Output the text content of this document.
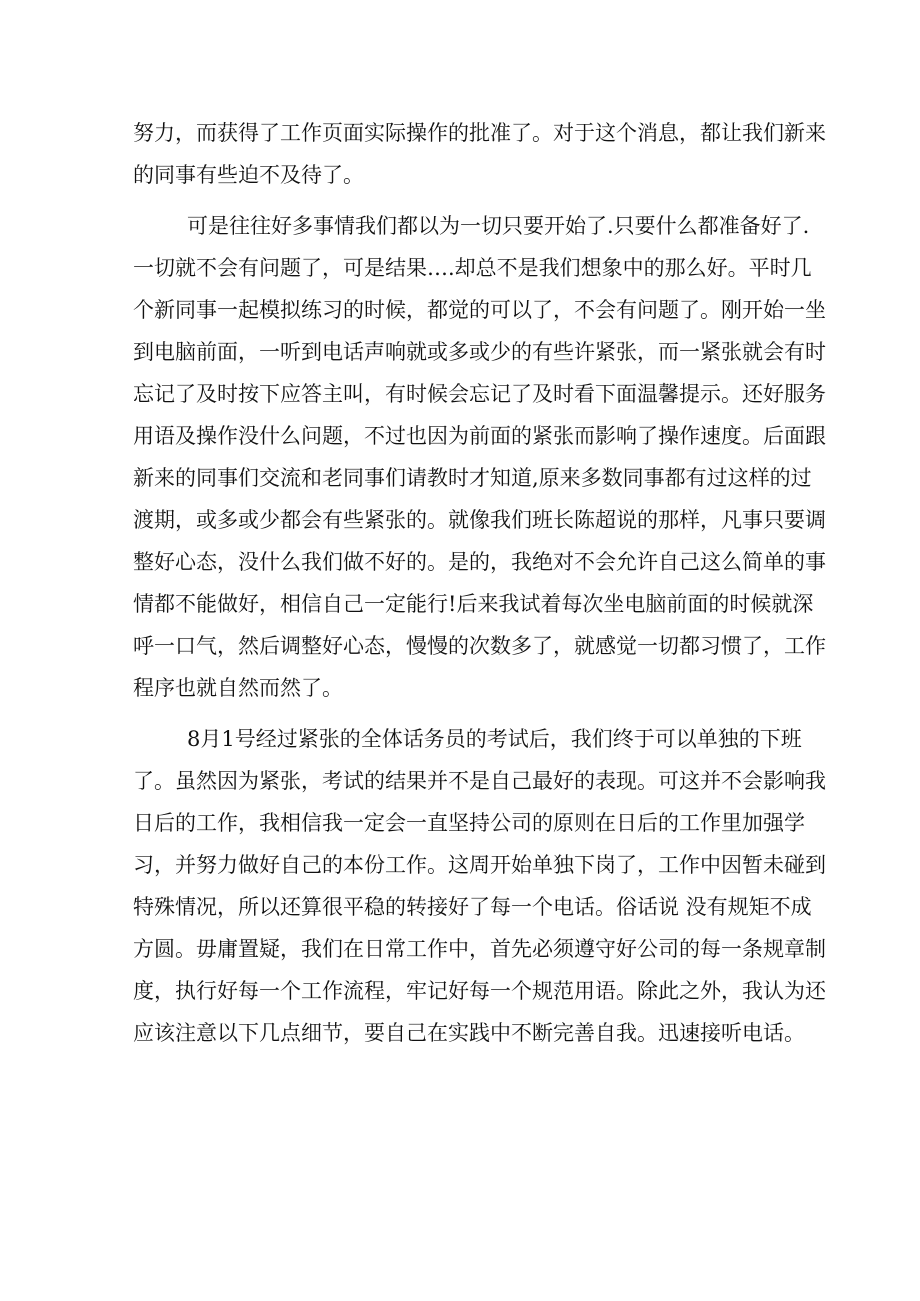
努力，而获得了工作页面实际操作的批准了。对于这个消息，都让我们新来
的同事有些迫不及待了。
可是往往好多事情我们都以为一切只要开始了.只要什么都准备好了.
一切就不会有问题了，可是结果….却总不是我们想象中的那么好。平时几
个新同事一起模拟练习的时候，都觉的可以了，不会有问题了。刚开始一坐
到电脑前面，一听到电话声响就或多或少的有些许紧张，而一紧张就会有时
忘记了及时按下应答主叫，有时候会忘记了及时看下面温馨提示。还好服务
用语及操作没什么问题，不过也因为前面的紧张而影响了操作速度。后面跟
新来的同事们交流和老同事们请教时才知道,原来多数同事都有过这样的过
渡期，或多或少都会有些紧张的。就像我们班长陈超说的那样，凡事只要调
整好心态，没什么我们做不好的。是的，我绝对不会允许自己这么简单的事
情都不能做好，相信自己一定能行!后来我试着每次坐电脑前面的时候就深
呼一口气，然后调整好心态，慢慢的次数多了，就感觉一切都习惯了，工作
程序也就自然而然了。
8月1号经过紧张的全体话务员的考试后，我们终于可以单独的下班
了。虽然因为紧张，考试的结果并不是自己最好的表现。可这并不会影响我
日后的工作，我相信我一定会一直坚持公司的原则在日后的工作里加强学
习，并努力做好自己的本份工作。这周开始单独下岗了，工作中因暂未碰到
特殊情况，所以还算很平稳的转接好了每一个电话。俗话说 没有规矩不成
方圆。毋庸置疑，我们在日常工作中，首先必须遵守好公司的每一条规章制
度，执行好每一个工作流程，牢记好每一个规范用语。除此之外，我认为还
应该注意以下几点细节，要自己在实践中不断完善自我。迅速接听电话。
